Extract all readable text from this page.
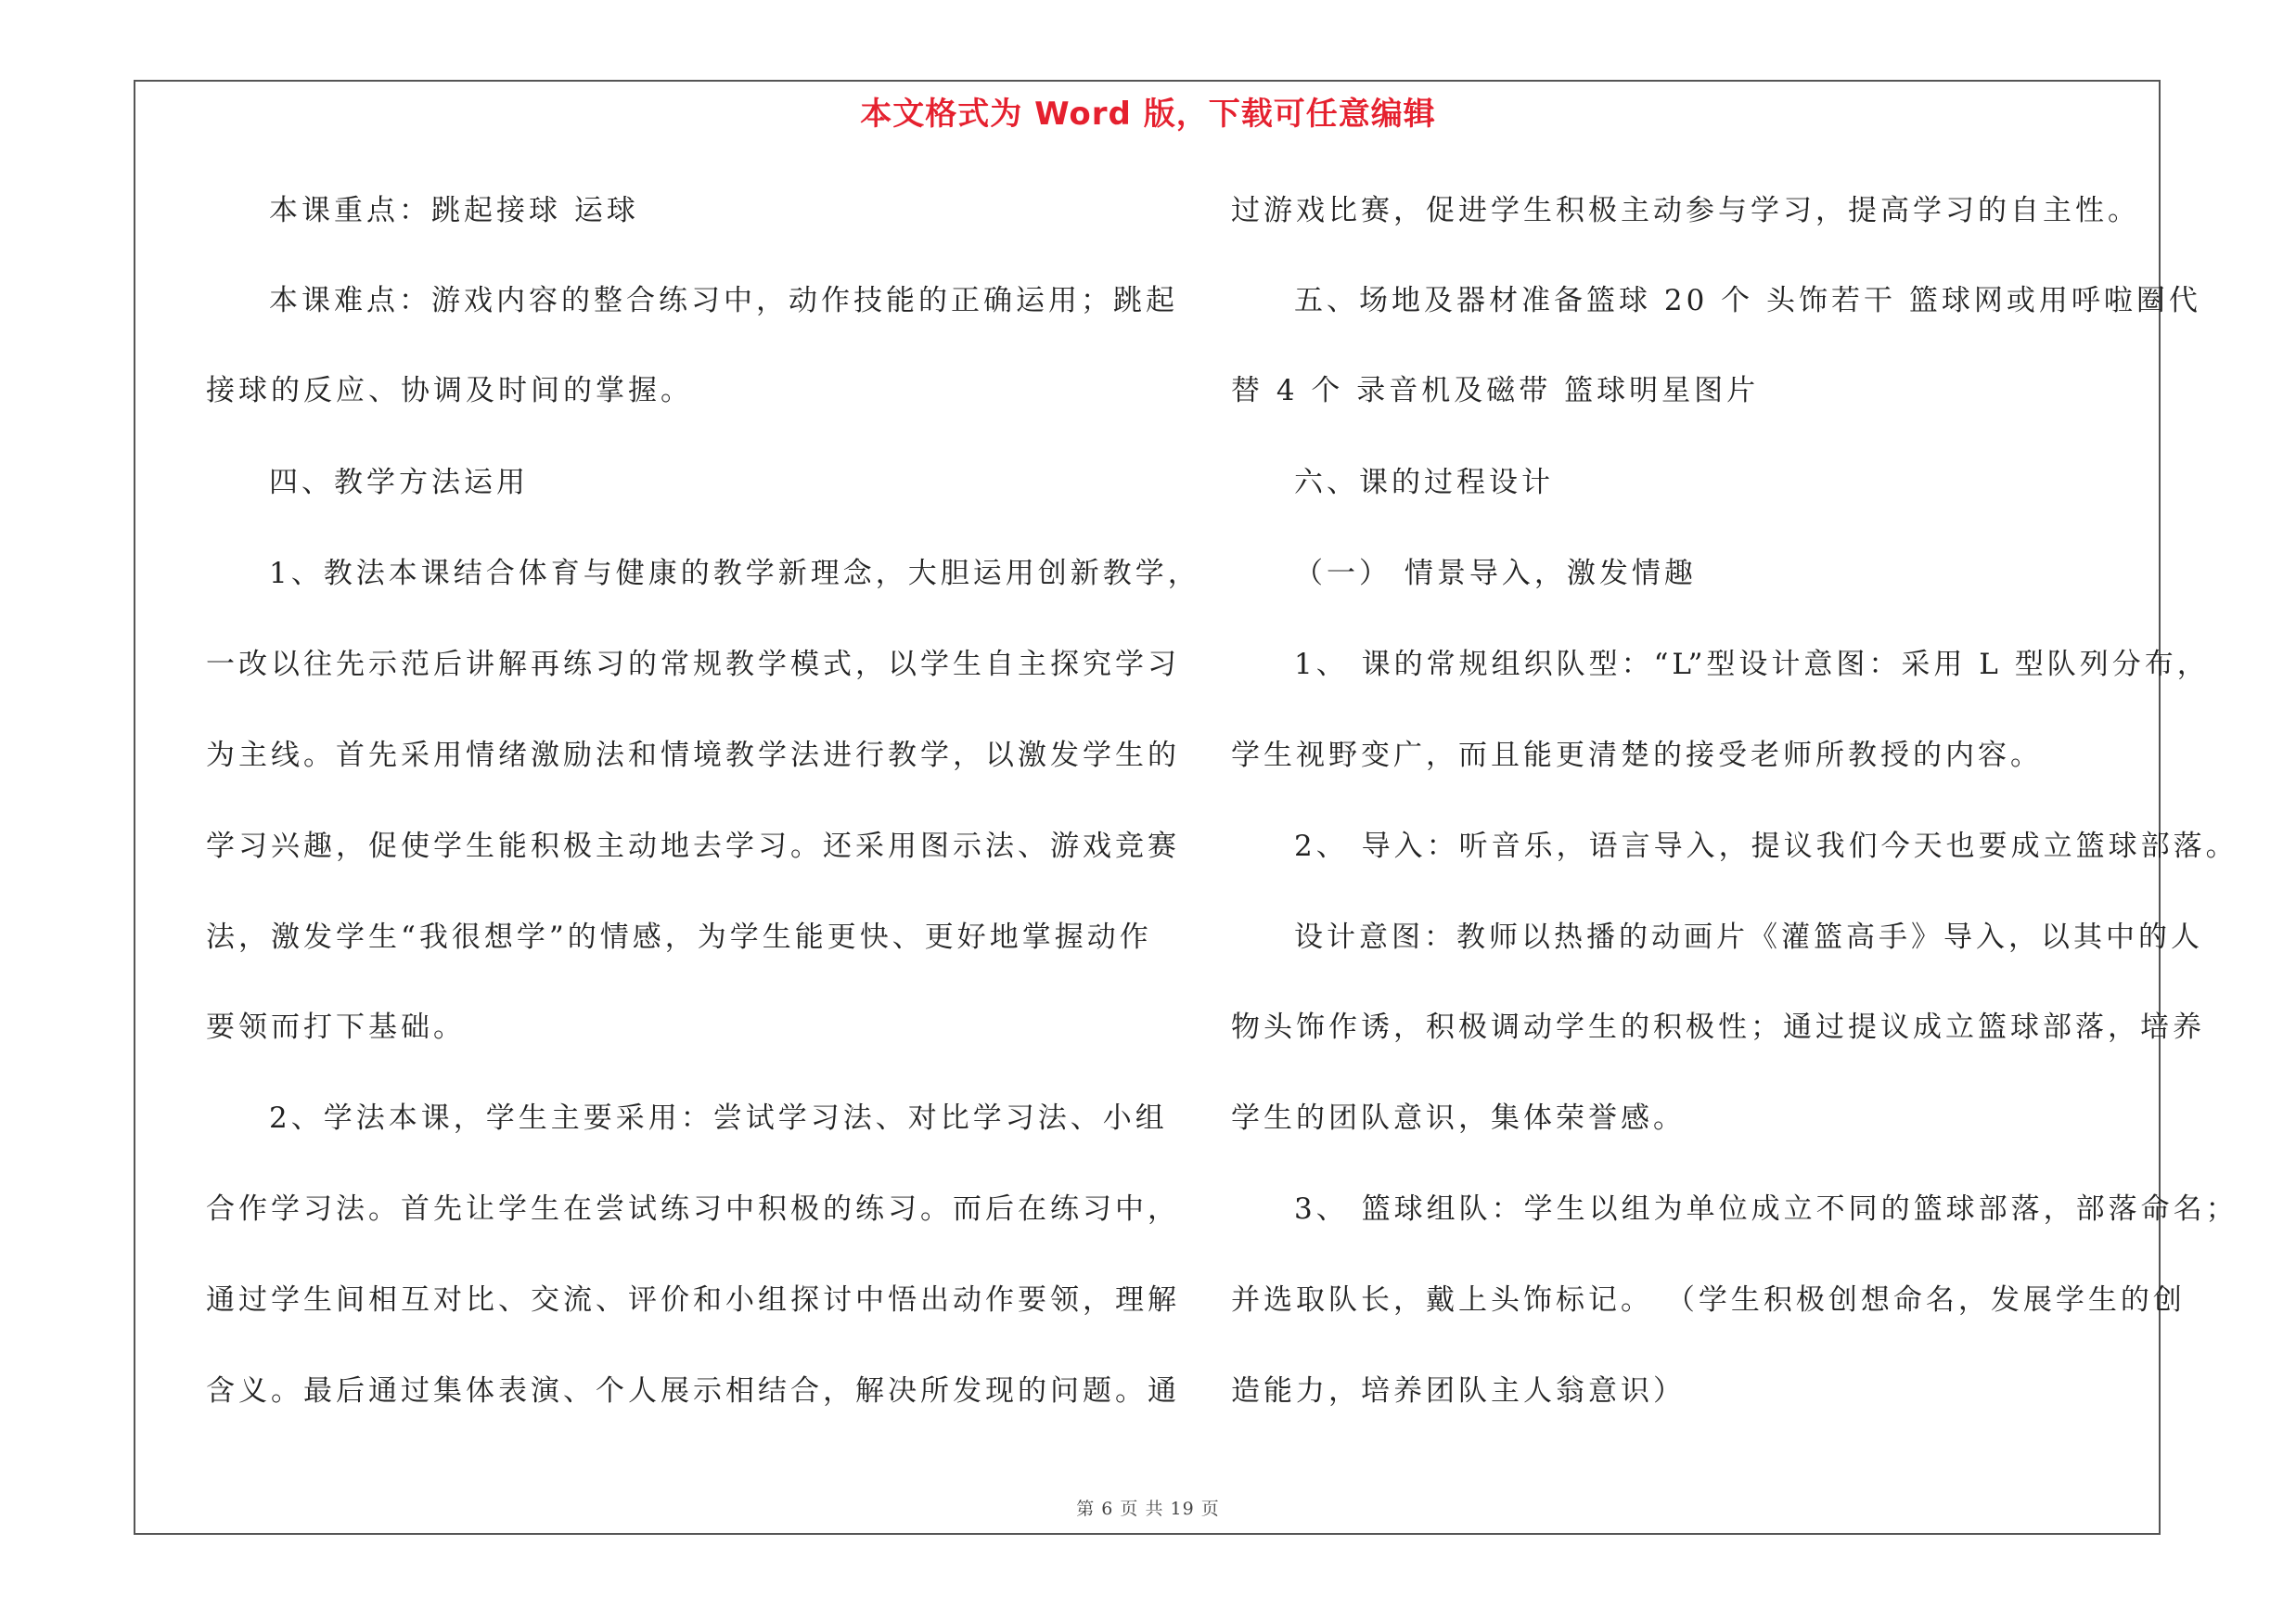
本文格式为 Word 版，下载可任意编辑
本课重点：跳起接球 运球
本课难点：游戏内容的整合练习中，动作技能的正确运用；跳起
接球的反应、协调及时间的掌握。
四、教学方法运用
1、教法本课结合体育与健康的教学新理念，大胆运用创新教学，
一改以往先示范后讲解再练习的常规教学模式，以学生自主探究学习
为主线。首先采用情绪激励法和情境教学法进行教学，以激发学生的
学习兴趣，促使学生能积极主动地去学习。还采用图示法、游戏竞赛
法，激发学生“我很想学”的情感，为学生能更快、更好地掌握动作
要领而打下基础。
2、学法本课，学生主要采用：尝试学习法、对比学习法、小组
合作学习法。首先让学生在尝试练习中积极的练习。而后在练习中，
通过学生间相互对比、交流、评价和小组探讨中悟出动作要领，理解
含义。最后通过集体表演、个人展示相结合，解决所发现的问题。通
过游戏比赛，促进学生积极主动参与学习，提高学习的自主性。
五、场地及器材准备篮球 20 个 头饰若干 篮球网或用呼啦圈代
替 4 个 录音机及磁带 篮球明星图片
六、课的过程设计
（一） 情景导入，激发情趣
1、 课的常规组织队型：“L”型设计意图：采用 L 型队列分布，
学生视野变广，而且能更清楚的接受老师所教授的内容。
2、 导入：听音乐，语言导入，提议我们今天也要成立篮球部落。
设计意图：教师以热播的动画片《灌篮高手》导入，以其中的人
物头饰作诱，积极调动学生的积极性；通过提议成立篮球部落，培养
学生的团队意识，集体荣誉感。
3、 篮球组队：学生以组为单位成立不同的篮球部落，部落命名；
并选取队长，戴上头饰标记。 （学生积极创想命名，发展学生的创
造能力，培养团队主人翁意识）
第 6 页 共 19 页
